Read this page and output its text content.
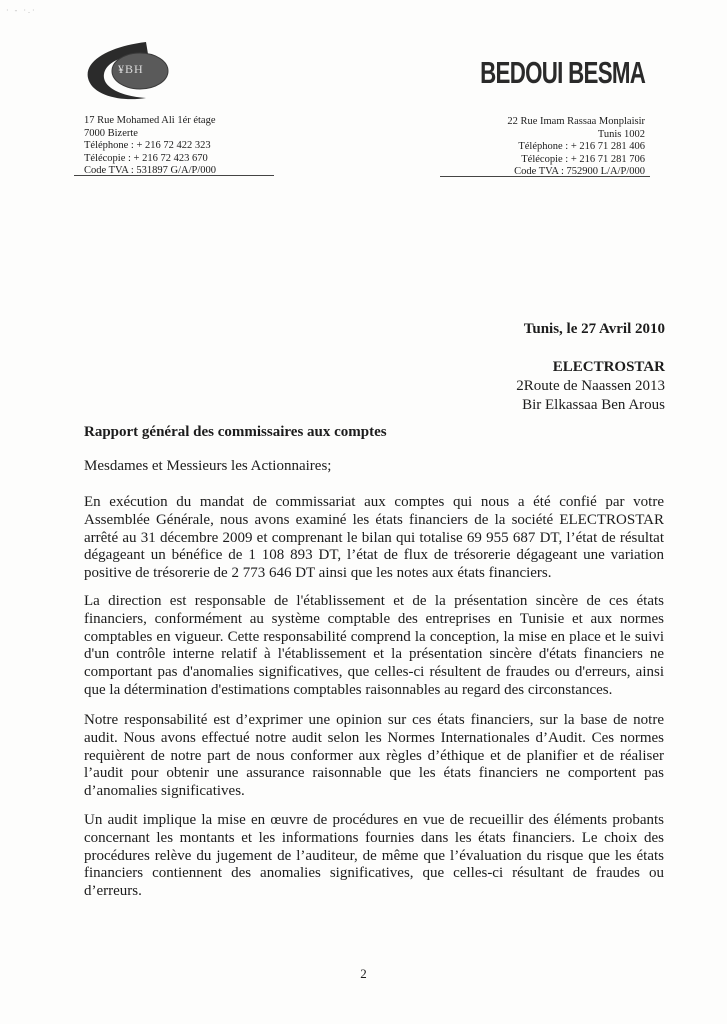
· - ·.·
¥BH	BEDOUI BESMA
17 Rue Mohamed Ali 1ér étage
7000 Bizerte
Téléphone : + 216 72 422 323
Télécopie : + 216 72 423 670
Code TVA : 531897 G/A/P/000
22 Rue Imam Rassaa Monplaisir
Tunis 1002
Téléphone : + 216 71 281 406
Télécopie : + 216 71 281 706
Code TVA : 752900 L/A/P/000
Tunis, le 27 Avril 2010
ELECTROSTAR
2Route de Naassen 2013
Bir Elkassaa Ben Arous
Rapport général des commissaires aux comptes
Mesdames et Messieurs les Actionnaires;
En exécution du mandat de commissariat aux comptes qui nous a été confié par votre Assemblée Générale, nous avons examiné les états financiers de la société ELECTROSTAR arrêté au 31 décembre 2009 et comprenant le bilan qui totalise 69 955 687 DT, l’état de résultat dégageant un bénéfice de 1 108 893 DT, l’état de flux de trésorerie dégageant une variation positive de trésorerie de 2 773 646 DT ainsi que les notes aux états financiers.
La direction est responsable de l'établissement et de la présentation sincère de ces états financiers, conformément au système comptable des entreprises en Tunisie et aux normes comptables en vigueur. Cette responsabilité comprend la conception, la mise en place et le suivi d'un contrôle interne relatif à l'établissement et la présentation sincère d'états financiers ne comportant pas d'anomalies significatives, que celles-ci résultent de fraudes ou d'erreurs, ainsi que la détermination d'estimations comptables raisonnables au regard des circonstances.
Notre responsabilité est d’exprimer une opinion sur ces états financiers, sur la base de notre audit. Nous avons effectué notre audit selon les Normes Internationales d’Audit. Ces normes requièrent de notre part de nous conformer aux règles d’éthique et de planifier et de réaliser l’audit pour obtenir une assurance raisonnable que les états financiers ne comportent pas d’anomalies significatives.
Un audit implique la mise en œuvre de procédures en vue de recueillir des éléments probants concernant les montants et les informations fournies dans les états financiers. Le choix des procédures relève du jugement de l’auditeur, de même que l’évaluation du risque que les états financiers contiennent des anomalies significatives, que celles-ci résultant de fraudes ou d’erreurs.
2
